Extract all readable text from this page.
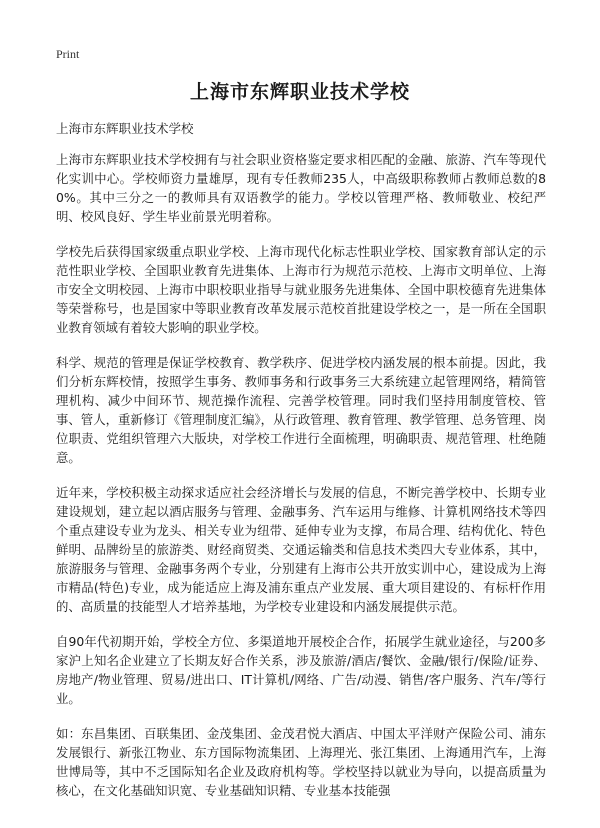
Print
上海市东辉职业技术学校

上海市东辉职业技术学校

上海市东辉职业技术学校拥有与社会职业资格鉴定要求相匹配的金融、旅游、汽车等现代化实训中心。学校师资力量雄厚，现有专任教师235人，中高级职称教师占教师总数的80%。其中三分之一的教师具有双语教学的能力。学校以管理严格、教师敬业、校纪严明、校风良好、学生毕业前景光明着称。

学校先后获得国家级重点职业学校、上海市现代化标志性职业学校、国家教育部认定的示范性职业学校、全国职业教育先进集体、上海市行为规范示范校、上海市文明单位、上海市安全文明校园、上海市中职校职业指导与就业服务先进集体、全国中职校德育先进集体等荣誉称号，也是国家中等职业教育改革发展示范校首批建设学校之一，是一所在全国职业教育领域有着较大影响的职业学校。

科学、规范的管理是保证学校教育、教学秩序、促进学校内涵发展的根本前提。因此，我们分析东辉校情，按照学生事务、教师事务和行政事务三大系统建立起管理网络，精简管理机构、减少中间环节、规范操作流程、完善学校管理。同时我们坚持用制度管校、管事、管人，重新修订《管理制度汇编》，从行政管理、教育管理、教学管理、总务管理、岗位职责、党组织管理六大版块，对学校工作进行全面梳理，明确职责、规范管理、杜绝随意。

近年来，学校积极主动探求适应社会经济增长与发展的信息，不断完善学校中、长期专业建设规划，建立起以酒店服务与管理、金融事务、汽车运用与维修、计算机网络技术等四个重点建设专业为龙头、相关专业为纽带、延伸专业为支撑，布局合理、结构优化、特色鲜明、品牌纷呈的旅游类、财经商贸类、交通运输类和信息技术类四大专业体系，其中，旅游服务与管理、金融事务两个专业，分别建有上海市公共开放实训中心，建设成为上海市精品(特色)专业，成为能适应上海及浦东重点产业发展、重大项目建设的、有标杆作用的、高质量的技能型人才培养基地，为学校专业建设和内涵发展提供示范。

自90年代初期开始，学校全方位、多渠道地开展校企合作，拓展学生就业途径，与200多家沪上知名企业建立了长期友好合作关系，涉及旅游/酒店/餐饮、金融/银行/保险/证券、房地产/物业管理、贸易/进出口、IT计算机/网络、广告/动漫、销售/客户服务、汽车/等行业。

如：东昌集团、百联集团、金茂集团、金茂君悦大酒店、中国太平洋财产保险公司、浦东发展银行、新张江物业、东方国际物流集团、上海理光、张江集团、上海通用汽车，上海世博局等，其中不乏国际知名企业及政府机构等。学校坚持以就业为导向，以提高质量为核心，在文化基础知识宽、专业基础知识精、专业基本技能强
